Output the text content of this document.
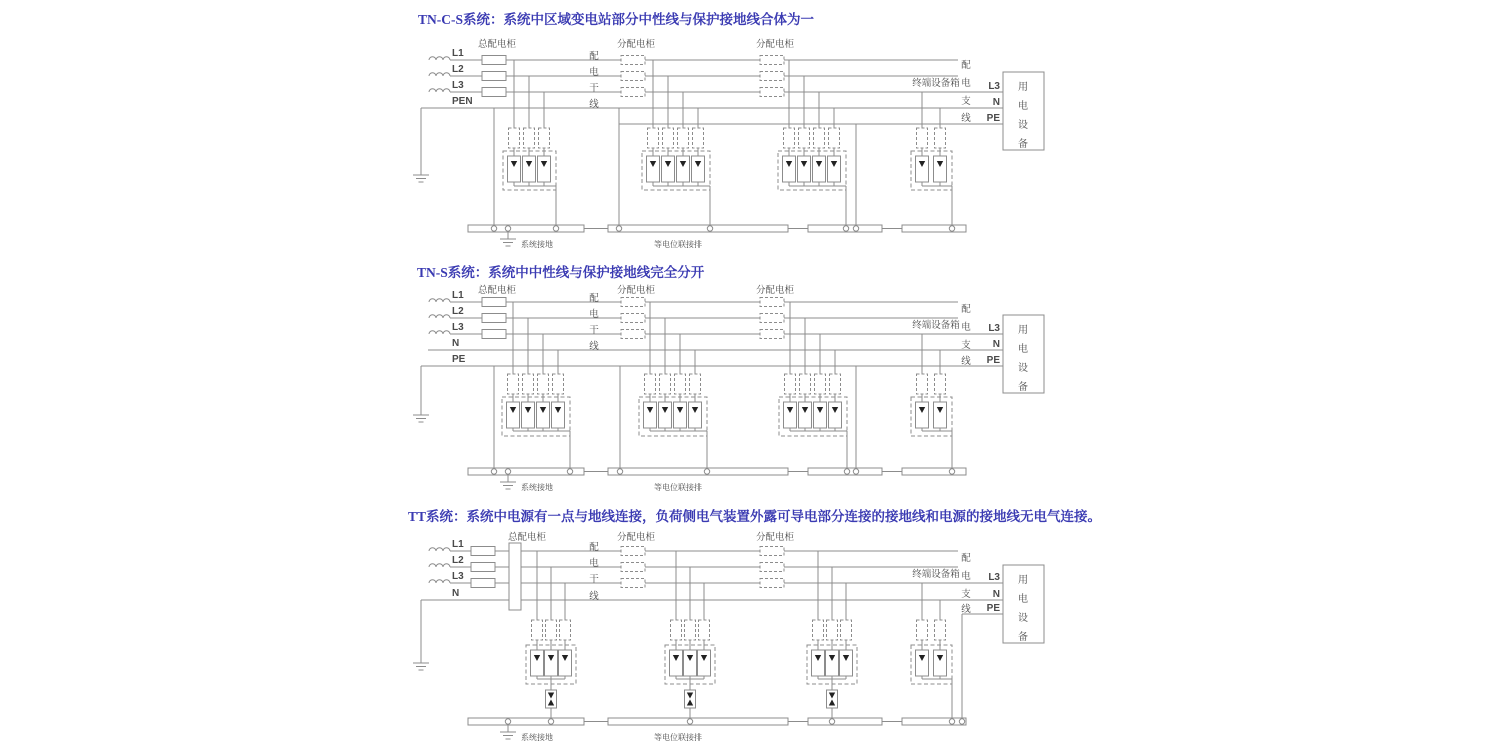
TN-C-S系统：系统中区域变电站部分中性线与保护接地线合体为一
L1
L2
L3
PEN
总配电柜	分配电柜	分配电柜
配
电
干
线
终端设备箱
配
电
支
线
L3
N
PE
用
电
设
备
系统接地	等电位联接排
TN-S系统：系统中中性线与保护接地线完全分开
L1
L2
L3
N
PE
总配电柜	分配电柜	分配电柜
配
电
干
线
终端设备箱
配
电
支
线
L3
N
PE
用
电
设
备
系统接地	等电位联接排
TT系统：系统中电源有一点与地线连接，负荷侧电气装置外露可导电部分连接的接地线和电源的接地线无电气连接。
L1
L2
L3
N
总配电柜	分配电柜	分配电柜
配
电
干
线
终端设备箱
配
电
支
线
L3
N
PE
用
电
设
备
系统接地	等电位联接排
